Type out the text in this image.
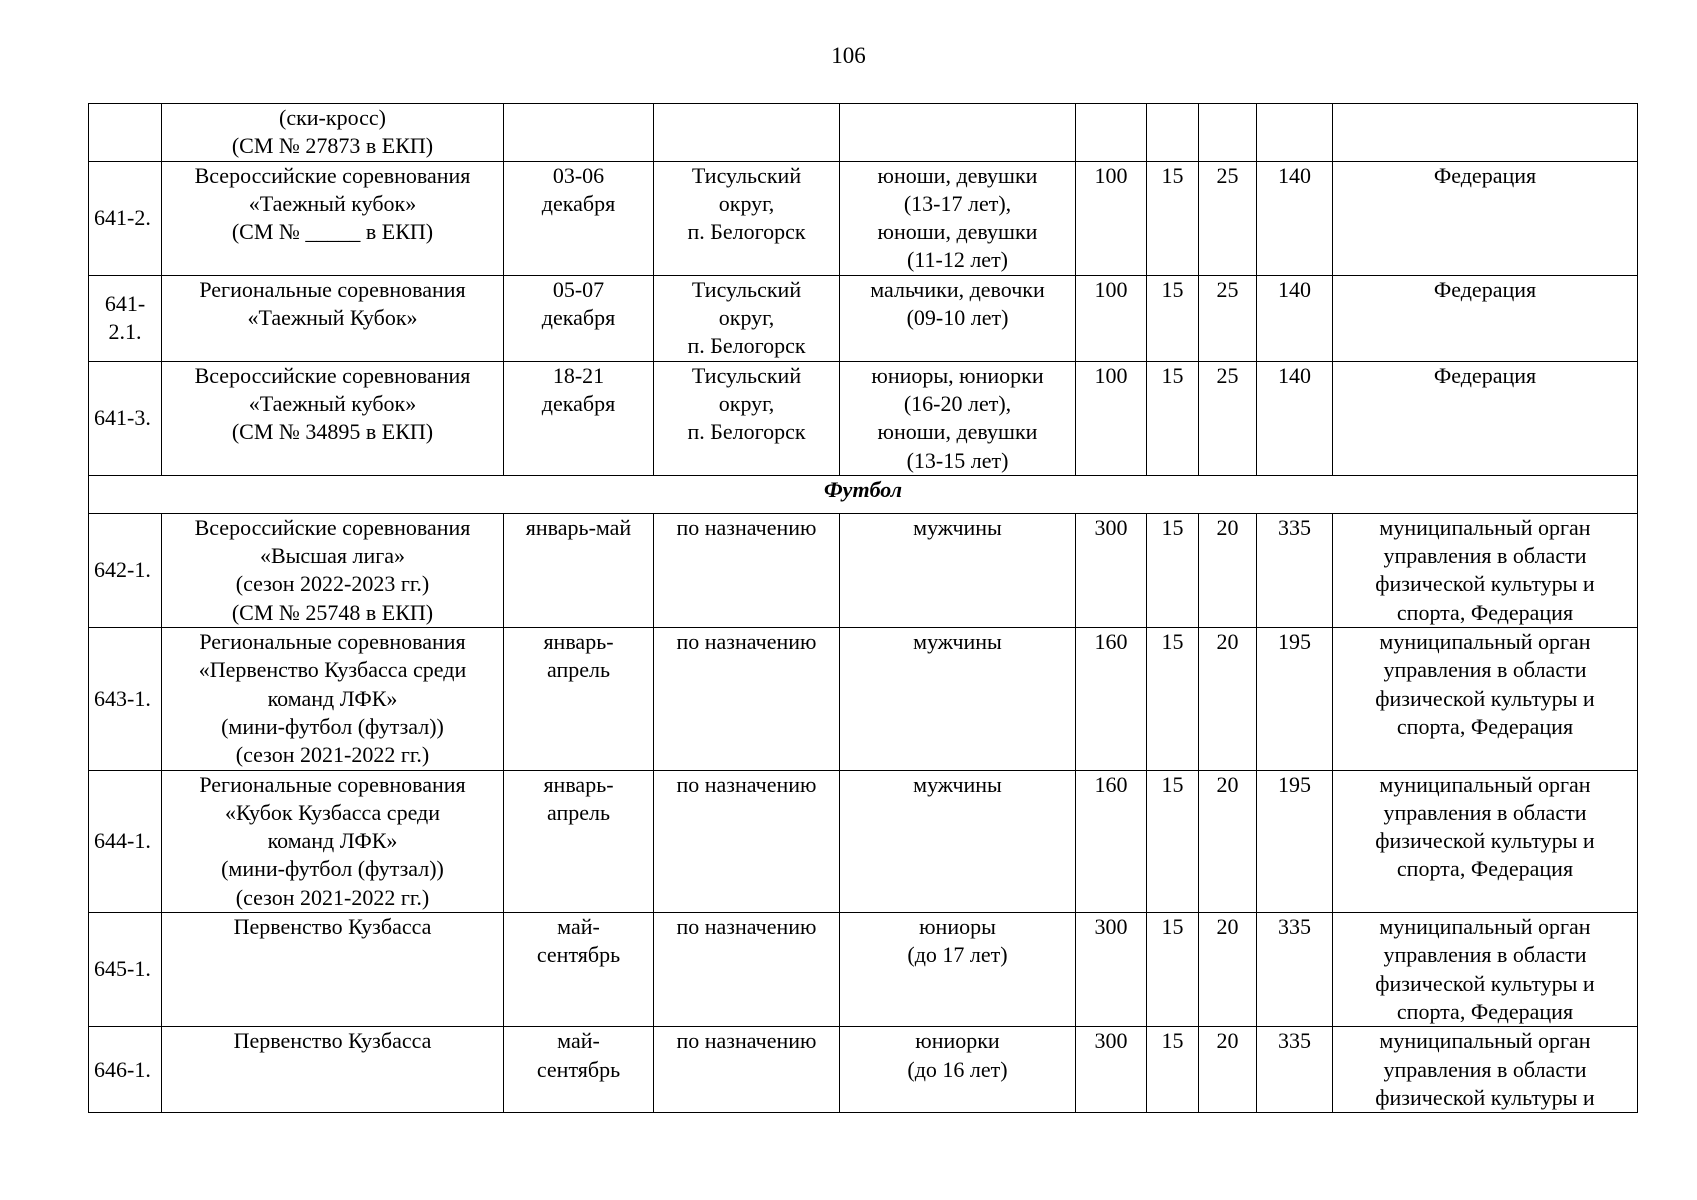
106

	(ски-кросс)
(СМ № 27873 в ЕКП)								

641-2.	Всероссийские соревнования
«Таежный кубок»
(СМ № _____ в ЕКП)	03-06
декабря	Тисульский
округ,
п. Белогорск	юноши, девушки
(13-17 лет),
юноши, девушки
(11-12 лет)	100	15	25	140	Федерация

641-
2.1.	Региональные соревнования
«Таежный Кубок»	05-07
декабря	Тисульский
округ,
п. Белогорск	мальчики, девочки
(09-10 лет)	100	15	25	140	Федерация

641-3.	Всероссийские соревнования
«Таежный кубок»
(СМ № 34895 в ЕКП)	18-21
декабря	Тисульский
округ,
п. Белогорск	юниоры, юниорки
(16-20 лет),
юноши, девушки
(13-15 лет)	100	15	25	140	Федерация

Футбол									
642-1.	Всероссийские соревнования
«Высшая лига»
(сезон 2022-2023 гг.)
(СМ № 25748 в ЕКП)	январь-май	по назначению	мужчины	300	15	20	335	муниципальный орган
управления в области
физической культуры и
спорта, Федерация

643-1.	Региональные соревнования
«Первенство Кузбасса среди
команд ЛФК»
(мини-футбол (футзал))
(сезон 2021-2022 гг.)	январь-
апрель	по назначению	мужчины	160	15	20	195	муниципальный орган
управления в области
физической культуры и
спорта, Федерация

644-1.	Региональные соревнования
«Кубок Кузбасса среди
команд ЛФК»
(мини-футбол (футзал))
(сезон 2021-2022 гг.)	январь-
апрель	по назначению	мужчины	160	15	20	195	муниципальный орган
управления в области
физической культуры и
спорта, Федерация

645-1.	Первенство Кузбасса	май-
сентябрь	по назначению	юниоры
(до 17 лет)	300	15	20	335	муниципальный орган
управления в области
физической культуры и
спорта, Федерация

646-1.	Первенство Кузбасса	май-
сентябрь	по назначению	юниорки
(до 16 лет)	300	15	20	335	муниципальный орган
управления в области
физической культуры и
